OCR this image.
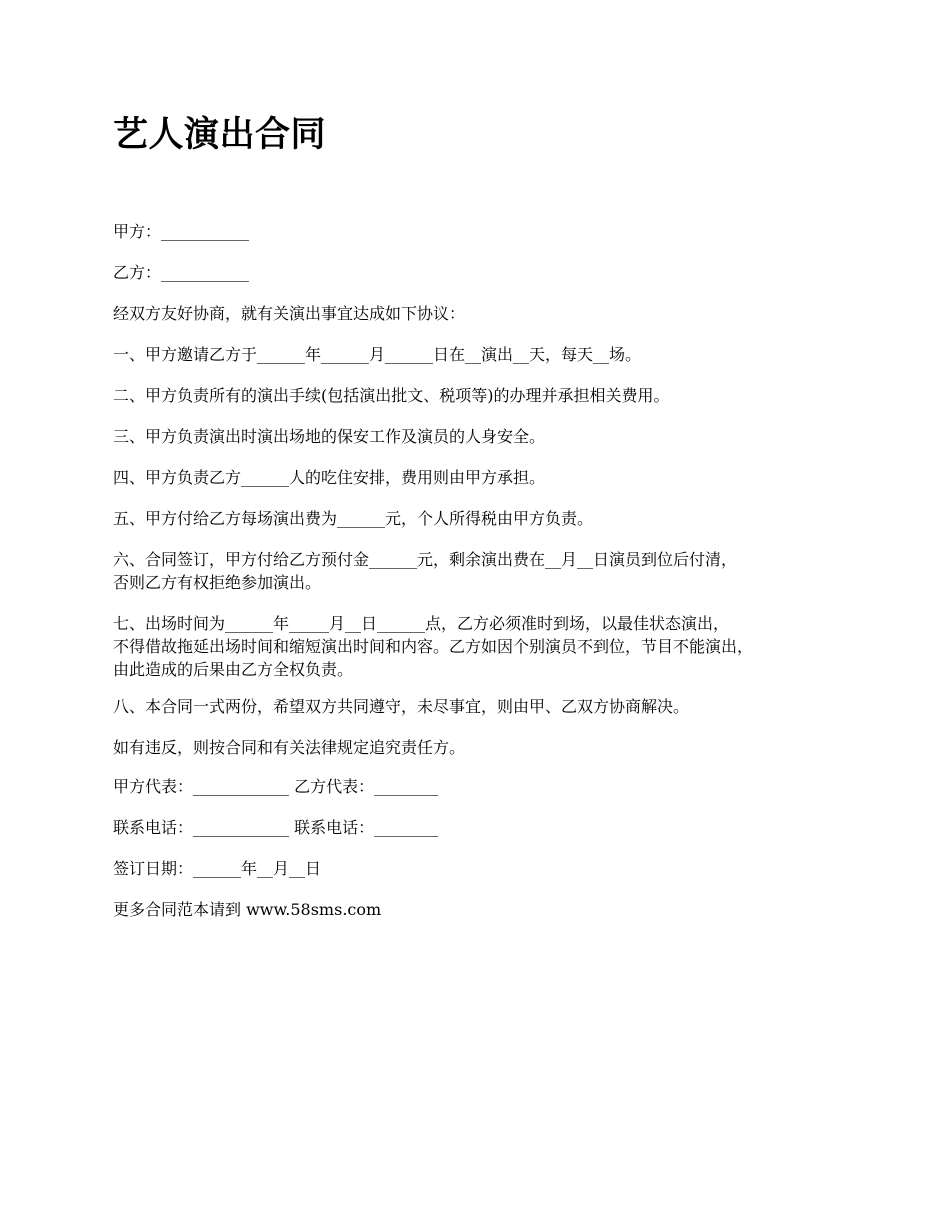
艺人演出合同

甲方：___________

乙方：___________

经双方友好协商，就有关演出事宜达成如下协议：

一、甲方邀请乙方于______年______月______日在__演出__天，每天__场。

二、甲方负责所有的演出手续(包括演出批文、税项等)的办理并承担相关费用。

三、甲方负责演出时演出场地的保安工作及演员的人身安全。

四、甲方负责乙方______人的吃住安排，费用则由甲方承担。

五、甲方付给乙方每场演出费为______元，个人所得税由甲方负责。

六、合同签订，甲方付给乙方预付金______元，剩余演出费在__月__日演员到位后付清，

否则乙方有权拒绝参加演出。

七、出场时间为______年_____月__日______点，乙方必须准时到场，以最佳状态演出，

不得借故拖延出场时间和缩短演出时间和内容。乙方如因个别演员不到位，节目不能演出，

由此造成的后果由乙方全权负责。

八、本合同一式两份，希望双方共同遵守，未尽事宜，则由甲、乙双方协商解决。

如有违反，则按合同和有关法律规定追究责任方。

甲方代表：____________ 乙方代表：________

联系电话：____________ 联系电话：________

签订日期：______年__月__日

更多合同范本请到 www.58sms.com
